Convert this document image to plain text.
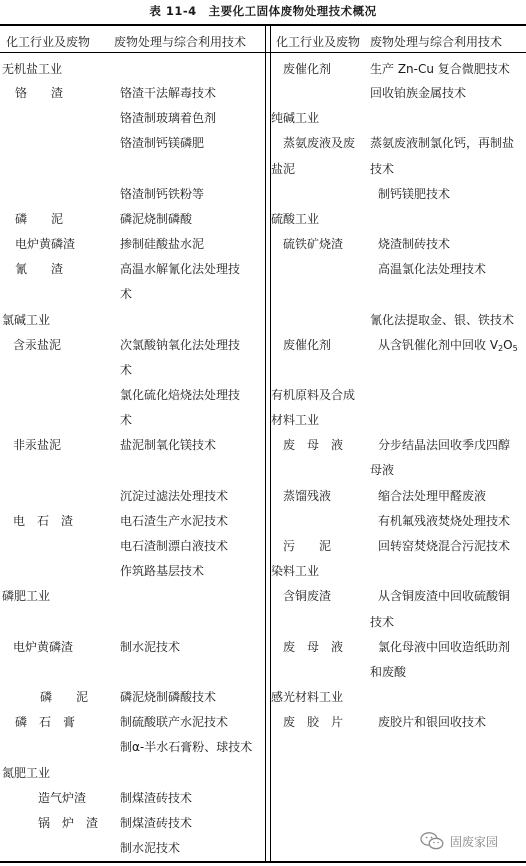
表 11-4　主要化工固体废物处理技术概况
化工行业及废物 废物处理与综合利用技术 化工行业及废物 废物处理与综合利用技术
无机盐工业
铬　　渣	铬渣干法解毒技术
铬渣制玻璃着色剂
铬渣制钙镁磷肥
铬渣制钙铁粉等
磷　　泥	磷泥烧制磷酸
电炉黄磷渣	掺制硅酸盐水泥
氰　　渣	高温水解氰化法处理技
术
氯碱工业
含汞盐泥	次氯酸钠氧化法处理技
术
氯化硫化焙烧法处理技
术
非汞盐泥	盐泥制氧化镁技术
沉淀过滤法处理技术
电　石　渣	电石渣生产水泥技术
电石渣制漂白液技术
作筑路基层技术
磷肥工业
电炉黄磷渣	制水泥技术
磷　　泥	磷泥烧制磷酸技术
磷　石　膏	制硫酸联产水泥技术
制α-半水石膏粉、球技术
氮肥工业
造气炉渣	制煤渣砖技术
锅　炉　渣 制煤渣砖技术
制水泥技术
废催化剂	生产 Zn-Cu 复合微肥技术
回收铂族金属技术
纯碱工业
蒸氨废液及废 蒸氨废液制氯化钙，再制盐
盐泥	技术
制钙镁肥技术
硫酸工业
硫铁矿烧渣	烧渣制砖技术
高温氯化法处理技术
氰化法提取金、银、铁技术
废催化剂	从含钒催化剂中回收 $V_2O_5$
有机原料及合成
材料工业
废　母　液	分步结晶法回收季戊四醇
母液
蒸馏残液	缩合法处理甲醛废液
有机氟残液焚烧处理技术
污　　泥	回转窑焚烧混合污泥技术
染料工业
含铜废渣	从含铜废渣中回收硫酸铜
技术
废　母　液	氯化母液中回收造纸助剂
和废酸
感光材料工业
废　胶　片	废胶片和银回收技术
固废家园
